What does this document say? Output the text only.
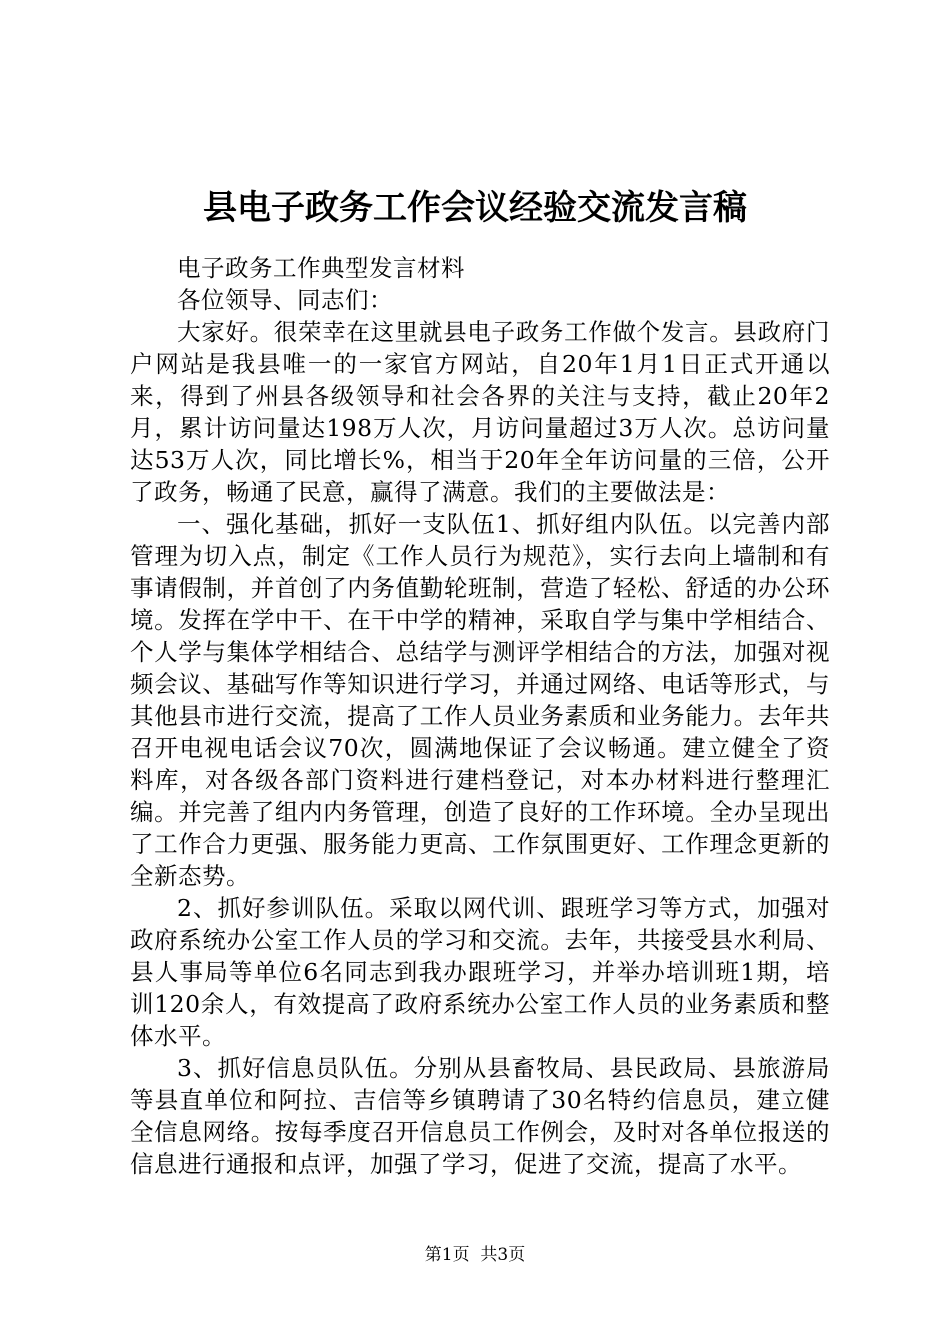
县电子政务工作会议经验交流发言稿

电子政务工作典型发言材料

各位领导、同志们：

大家好。很荣幸在这里就县电子政务工作做个发言。县政府门户网站是我县唯一的一家官方网站，自20年1月1日正式开通以来，得到了州县各级领导和社会各界的关注与支持，截止20年2月，累计访问量达198万人次，月访问量超过3万人次。总访问量达53万人次，同比增长%，相当于20年全年访问量的三倍，公开了政务，畅通了民意，赢得了满意。我们的主要做法是：

一、强化基础，抓好一支队伍1、抓好组内队伍。以完善内部管理为切入点，制定《工作人员行为规范》，实行去向上墙制和有事请假制，并首创了内务值勤轮班制，营造了轻松、舒适的办公环境。发挥在学中干、在干中学的精神，采取自学与集中学相结合、个人学与集体学相结合、总结学与测评学相结合的方法，加强对视频会议、基础写作等知识进行学习，并通过网络、电话等形式，与其他县市进行交流，提高了工作人员业务素质和业务能力。去年共召开电视电话会议70次，圆满地保证了会议畅通。建立健全了资料库，对各级各部门资料进行建档登记，对本办材料进行整理汇编。并完善了组内内务管理，创造了良好的工作环境。全办呈现出了工作合力更强、服务能力更高、工作氛围更好、工作理念更新的全新态势。

2、抓好参训队伍。采取以网代训、跟班学习等方式，加强对政府系统办公室工作人员的学习和交流。去年，共接受县水利局、县人事局等单位6名同志到我办跟班学习，并举办培训班1期，培训120余人，有效提高了政府系统办公室工作人员的业务素质和整体水平。

3、抓好信息员队伍。分别从县畜牧局、县民政局、县旅游局等县直单位和阿拉、吉信等乡镇聘请了30名特约信息员，建立健全信息网络。按每季度召开信息员工作例会，及时对各单位报送的信息进行通报和点评，加强了学习，促进了交流，提高了水平。

第1页  共3页
